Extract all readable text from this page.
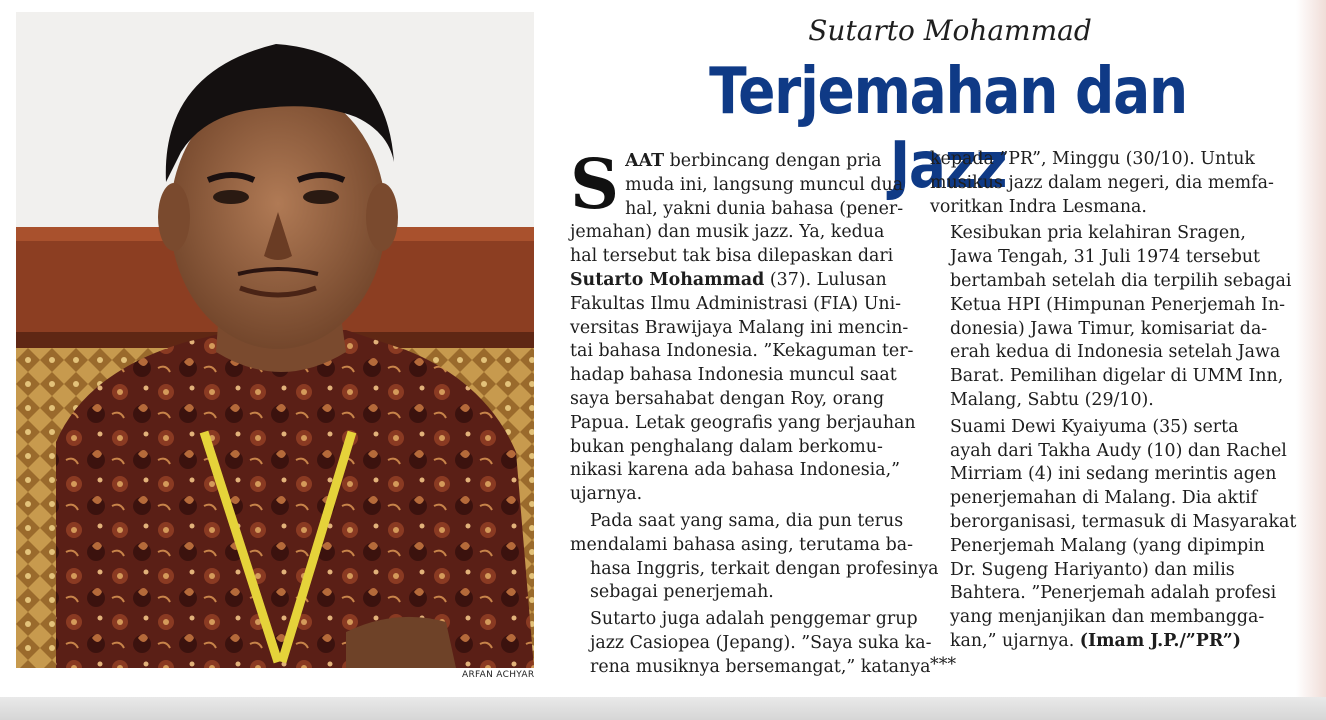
ARFAN ACHYAR
Sutarto Mohammad
Terjemahan dan Jazz

S AAT berbincang dengan pria
muda ini, langsung muncul dua
hal, yakni dunia bahasa (pener-
jemahan) dan musik jazz. Ya, kedua
hal tersebut tak bisa dilepaskan dari
Sutarto Mohammad (37). Lulusan
Fakultas Ilmu Administrasi (FIA) Uni-
versitas Brawijaya Malang ini mencin-
tai bahasa Indonesia. ”Kekaguman ter-
hadap bahasa Indonesia muncul saat
saya bersahabat dengan Roy, orang
Papua. Letak geografis yang berjauhan
bukan penghalang dalam berkomu-
nikasi karena ada bahasa Indonesia,”
ujarnya.

Pada saat yang sama, dia pun terus
mendalami bahasa asing, terutama ba-
hasa Inggris, terkait dengan profesinya
sebagai penerjemah.

Sutarto juga adalah penggemar grup
jazz Casiopea (Jepang). ”Saya suka ka-
rena musiknya bersemangat,” katanya

kepada ”PR”, Minggu (30/10). Untuk
musikus jazz dalam negeri, dia memfa-
voritkan Indra Lesmana.

Kesibukan pria kelahiran Sragen,
Jawa Tengah, 31 Juli 1974 tersebut
bertambah setelah dia terpilih sebagai
Ketua HPI (Himpunan Penerjemah In-
donesia) Jawa Timur, komisariat da-
erah kedua di Indonesia setelah Jawa
Barat. Pemilihan digelar di UMM Inn,
Malang, Sabtu (29/10).

Suami Dewi Kyaiyuma (35) serta
ayah dari Takha Audy (10) dan Rachel
Mirriam (4) ini sedang merintis agen
penerjemahan di Malang. Dia aktif
berorganisasi, termasuk di Masyarakat
Penerjemah Malang (yang dipimpin
Dr. Sugeng Hariyanto) dan milis
Bahtera. ”Penerjemah adalah profesi
yang menjanjikan dan membangga-
kan,” ujarnya. (Imam J.P./”PR”)
***
